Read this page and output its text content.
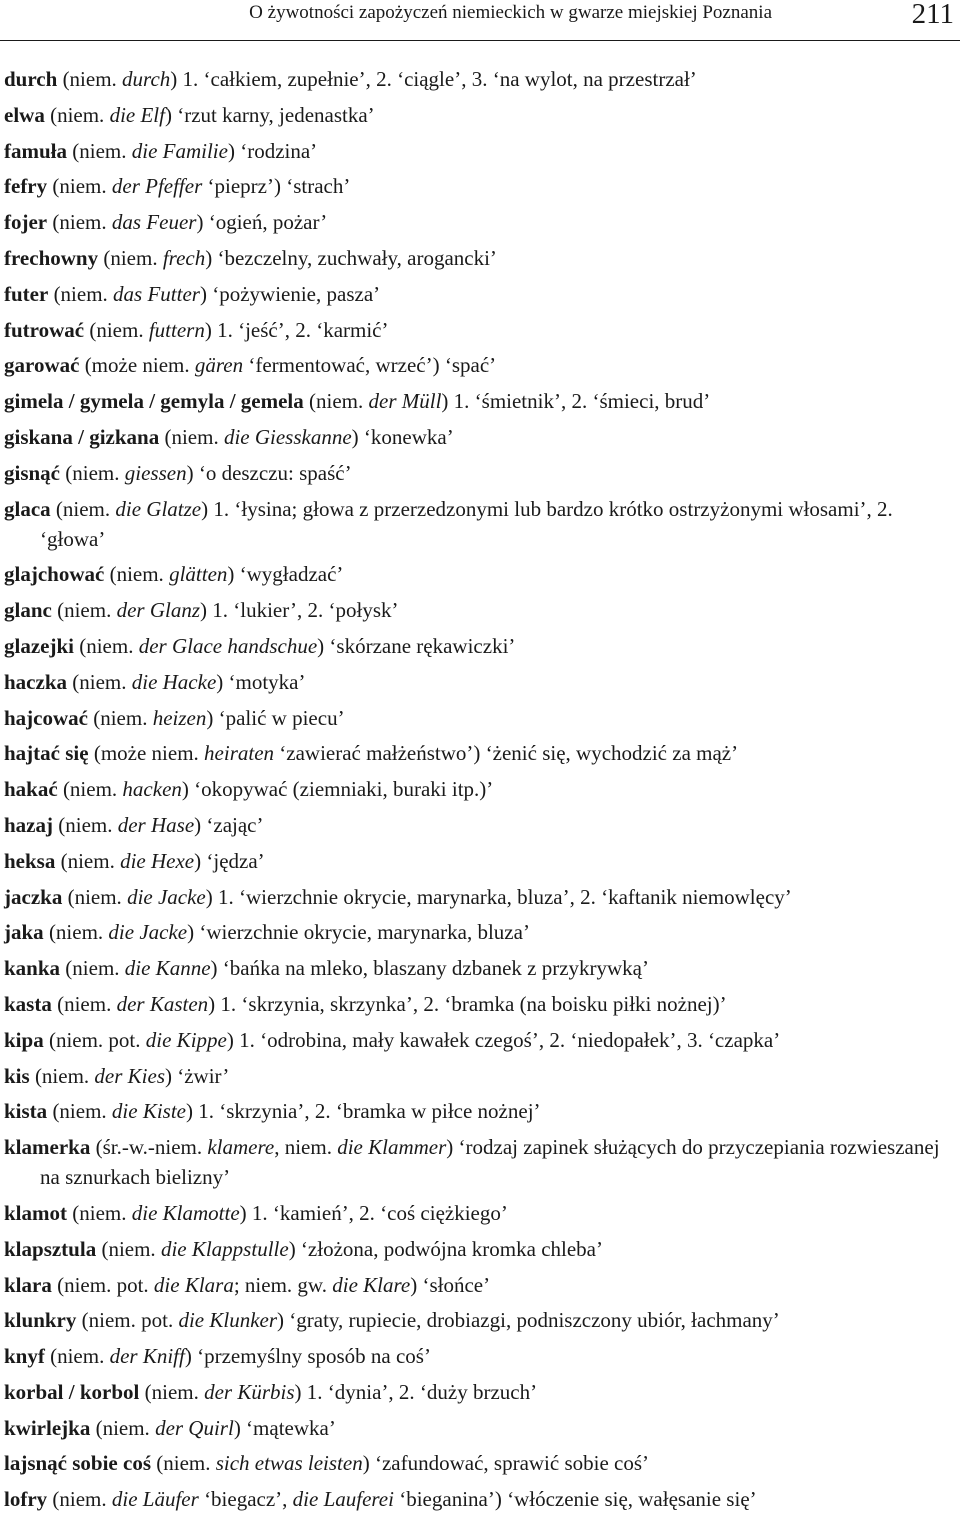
O żywotności zapożyczeń niemieckich w gwarze miejskiej Poznania	211
durch (niem. durch) 1. ‘całkiem, zupełnie’, 2. ‘ciągle’, 3. ‘na wylot, na przestrzał’
elwa (niem. die Elf) ‘rzut karny, jedenastka’
famuła (niem. die Familie) ‘rodzina’
fefry (niem. der Pfeffer ‘pieprz’) ‘strach’
fojer (niem. das Feuer) ‘ogień, pożar’
frechowny (niem. frech) ‘bezczelny, zuchwały, arogancki’
futer (niem. das Futter) ‘pożywienie, pasza’
futrować (niem. futtern) 1. ‘jeść’, 2. ‘karmić’
garować (może niem. gären ‘fermentować, wrzeć’) ‘spać’
gimela / gymela / gemyla / gemela (niem. der Müll) 1. ‘śmietnik’, 2. ‘śmieci, brud’
giskana / gizkana (niem. die Giesskanne) ‘konewka’
gisnąć (niem. giessen) ‘o deszczu: spaść’
glaca (niem. die Glatze) 1. ‘łysina; głowa z przerzedzonymi lub bardzo krótko ostrzyżonymi włosami’, 2. ‘głowa’
glajchować (niem. glätten) ‘wygładzać’
glanc (niem. der Glanz) 1. ‘lukier’, 2. ‘połysk’
glazejki (niem. der Glace handschue) ‘skórzane rękawiczki’
haczka (niem. die Hacke) ‘motyka’
hajcować (niem. heizen) ‘palić w piecu’
hajtać się (może niem. heiraten ‘zawierać małżeństwo’) ‘żenić się, wychodzić za mąż’
hakać (niem. hacken) ‘okopywać (ziemniaki, buraki itp.)’
hazaj (niem. der Hase) ‘zając’
heksa (niem. die Hexe) ‘jędza’
jaczka (niem. die Jacke) 1. ‘wierzchnie okrycie, marynarka, bluza’, 2. ‘kaftanik niemowlęcy’
jaka (niem. die Jacke) ‘wierzchnie okrycie, marynarka, bluza’
kanka (niem. die Kanne) ‘bańka na mleko, blaszany dzbanek z przykrywką’
kasta (niem. der Kasten) 1. ‘skrzynia, skrzynka’, 2. ‘bramka (na boisku piłki nożnej)’
kipa (niem. pot. die Kippe) 1. ‘odrobina, mały kawałek czegoś’, 2. ‘niedopałek’, 3. ‘czapka’
kis (niem. der Kies) ‘żwir’
kista (niem. die Kiste) 1. ‘skrzynia’, 2. ‘bramka w piłce nożnej’
klamerka (śr.-w.-niem. klamere, niem. die Klammer) ‘rodzaj zapinek służących do przyczepiania rozwieszanej na sznurkach bielizny’
klamot (niem. die Klamotte) 1. ‘kamień’, 2. ‘coś ciężkiego’
klapsztula (niem. die Klappstulle) ‘złożona, podwójna kromka chleba’
klara (niem. pot. die Klara; niem. gw. die Klare) ‘słońce’
klunkry (niem. pot. die Klunker) ‘graty, rupiecie, drobiazgi, podniszczony ubiór, łachmany’
knyf (niem. der Kniff) ‘przemyślny sposób na coś’
korbal / korbol (niem. der Kürbis) 1. ‘dynia’, 2. ‘duży brzuch’
kwirlejka (niem. der Quirl) ‘mątewka’
lajsnąć sobie coś (niem. sich etwas leisten) ‘zafundować, sprawić sobie coś’
lofry (niem. die Läufer ‘biegacz’, die Lauferei ‘bieganina’) ‘włóczenie się, wałęsanie się’
